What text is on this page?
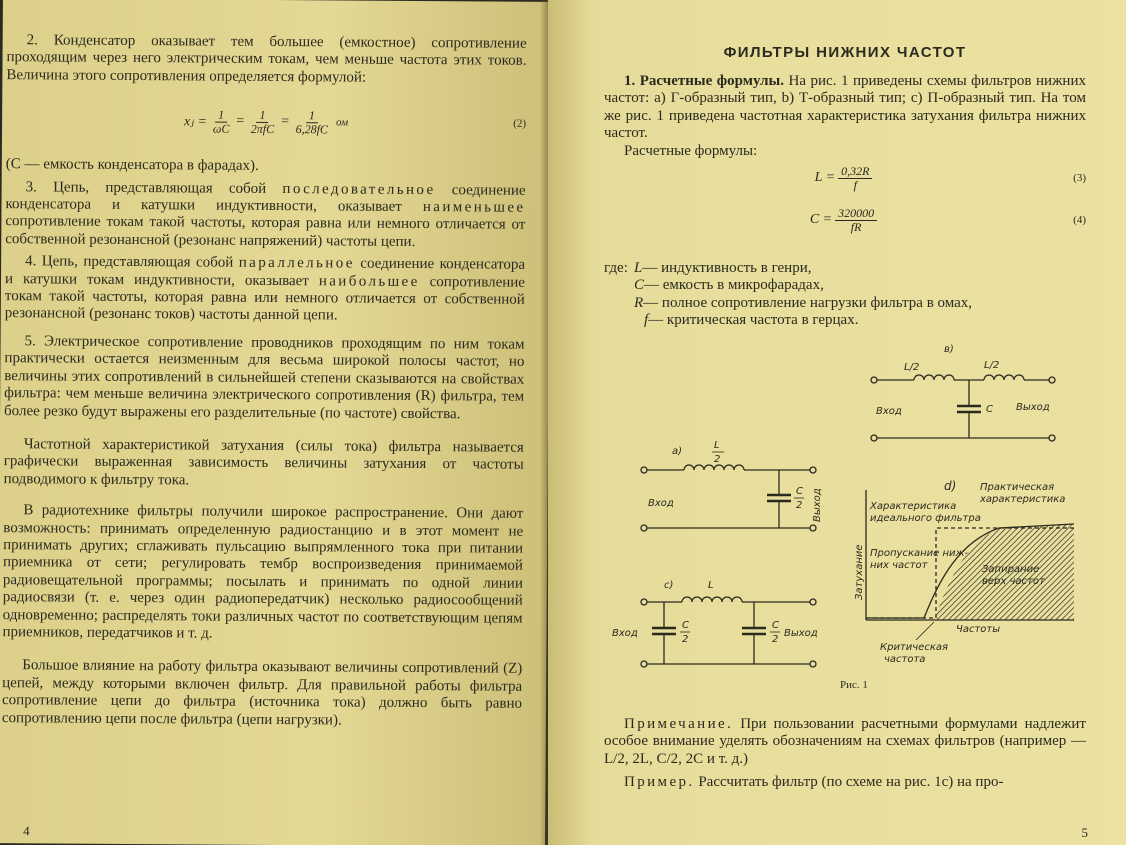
2. Конденсатор оказывает тем большее (емкостное) сопротивление проходящим через него электрическим токам, чем меньше частота этих токов. Величина этого сопротивления определяется формулой:

xⱼ = $\frac{1}{\omega C} = \frac{1}{\text{2πfC}} = \frac{1}{6,28fC}$ ом	(2)

(C — емкость конденсатора в фарадах).

3. Цепь, представляющая собой последовательное соединение конденсатора и катушки индуктивности, оказывает наименьшее сопротивление токам такой частоты, которая равна или немного отличается от собственной резонансной (резонанс напряжений) частоты цепи.

4. Цепь, представляющая собой параллельное соединение конденсатора и катушки токам индуктивности, оказывает наибольшее сопротивление токам такой частоты, которая равна или немного отличается от собственной резонансной (резонанс токов) частоты данной цепи.

5. Электрическое сопротивление проводников проходящим по ним токам практически остается неизменным для весьма широкой полосы частот, но величины этих сопротивлений в сильнейшей степени сказываются на свойствах фильтра: чем меньше величина электрического сопротивления (R) фильтра, тем более резко будут выражены его разделительные (по частоте) свойства.

Частотной характеристикой затухания (силы тока) фильтра называется графически выраженная зависимость величины затухания от частоты подводимого к фильтру тока.

В радиотехнике фильтры получили широкое распространение. Они дают возможность: принимать определенную радиостанцию и в этот момент не принимать других; сглаживать пульсацию выпрямленного тока при питании приемника от сети; регулировать тембр воспроизведения принимаемой радиовещательной программы; посылать и принимать по одной линии радиосвязи (т. е. через один радиопередатчик) несколько радиосообщений одновременно; распределять токи различных частот по соответствующим цепям приемников, передатчиков и т. д.

Большое влияние на работу фильтра оказывают величины сопротивлений (Z) цепей, между которыми включен фильтр. Для правильной работы фильтра сопротивление цепи до фильтра (источника тока) должно быть равно сопротивлению цепи после фильтра (цепи нагрузки).

4
ФИЛЬТРЫ НИЖНИХ ЧАСТОТ

1. Расчетные формулы. На рис. 1 приведены схемы фильтров нижних частот: а) Г-образный тип, b) Т-образный тип; с) П-образный тип. На том же рис. 1 приведена частотная характеристика затухания фильтра нижних частот.

Расчетные формулы:

$L = \frac{0,32R}{f}$	(3)
$C = \frac{320000}{fR}$	(4)

где: L— индуктивность в генри,

C— емкость в микрофарадах,

R— полное сопротивление нагрузки фильтра в омах,

f— критическая частота в герцах.

в)
L/2	L/2
C
Вход	Выход
а)
L
2
Вход
C
2 Выход
с)	L
Вход
C
2
C
2
Выход
d)
Характеристика
идеального фильтра
Практическая
характеристика
Пропускание ниж-
них частот	Запирание
верх частот
Затухание
Частоты
Критическая
частота
Рис. 1

Примечание. При пользовании расчетными формулами надлежит особое внимание уделять обозначениям на схемах фильтров (например — L/2, 2L, C/2, 2C и т. д.)

Пример. Рассчитать фильтр (по схеме на рис. 1с) на про-

5
